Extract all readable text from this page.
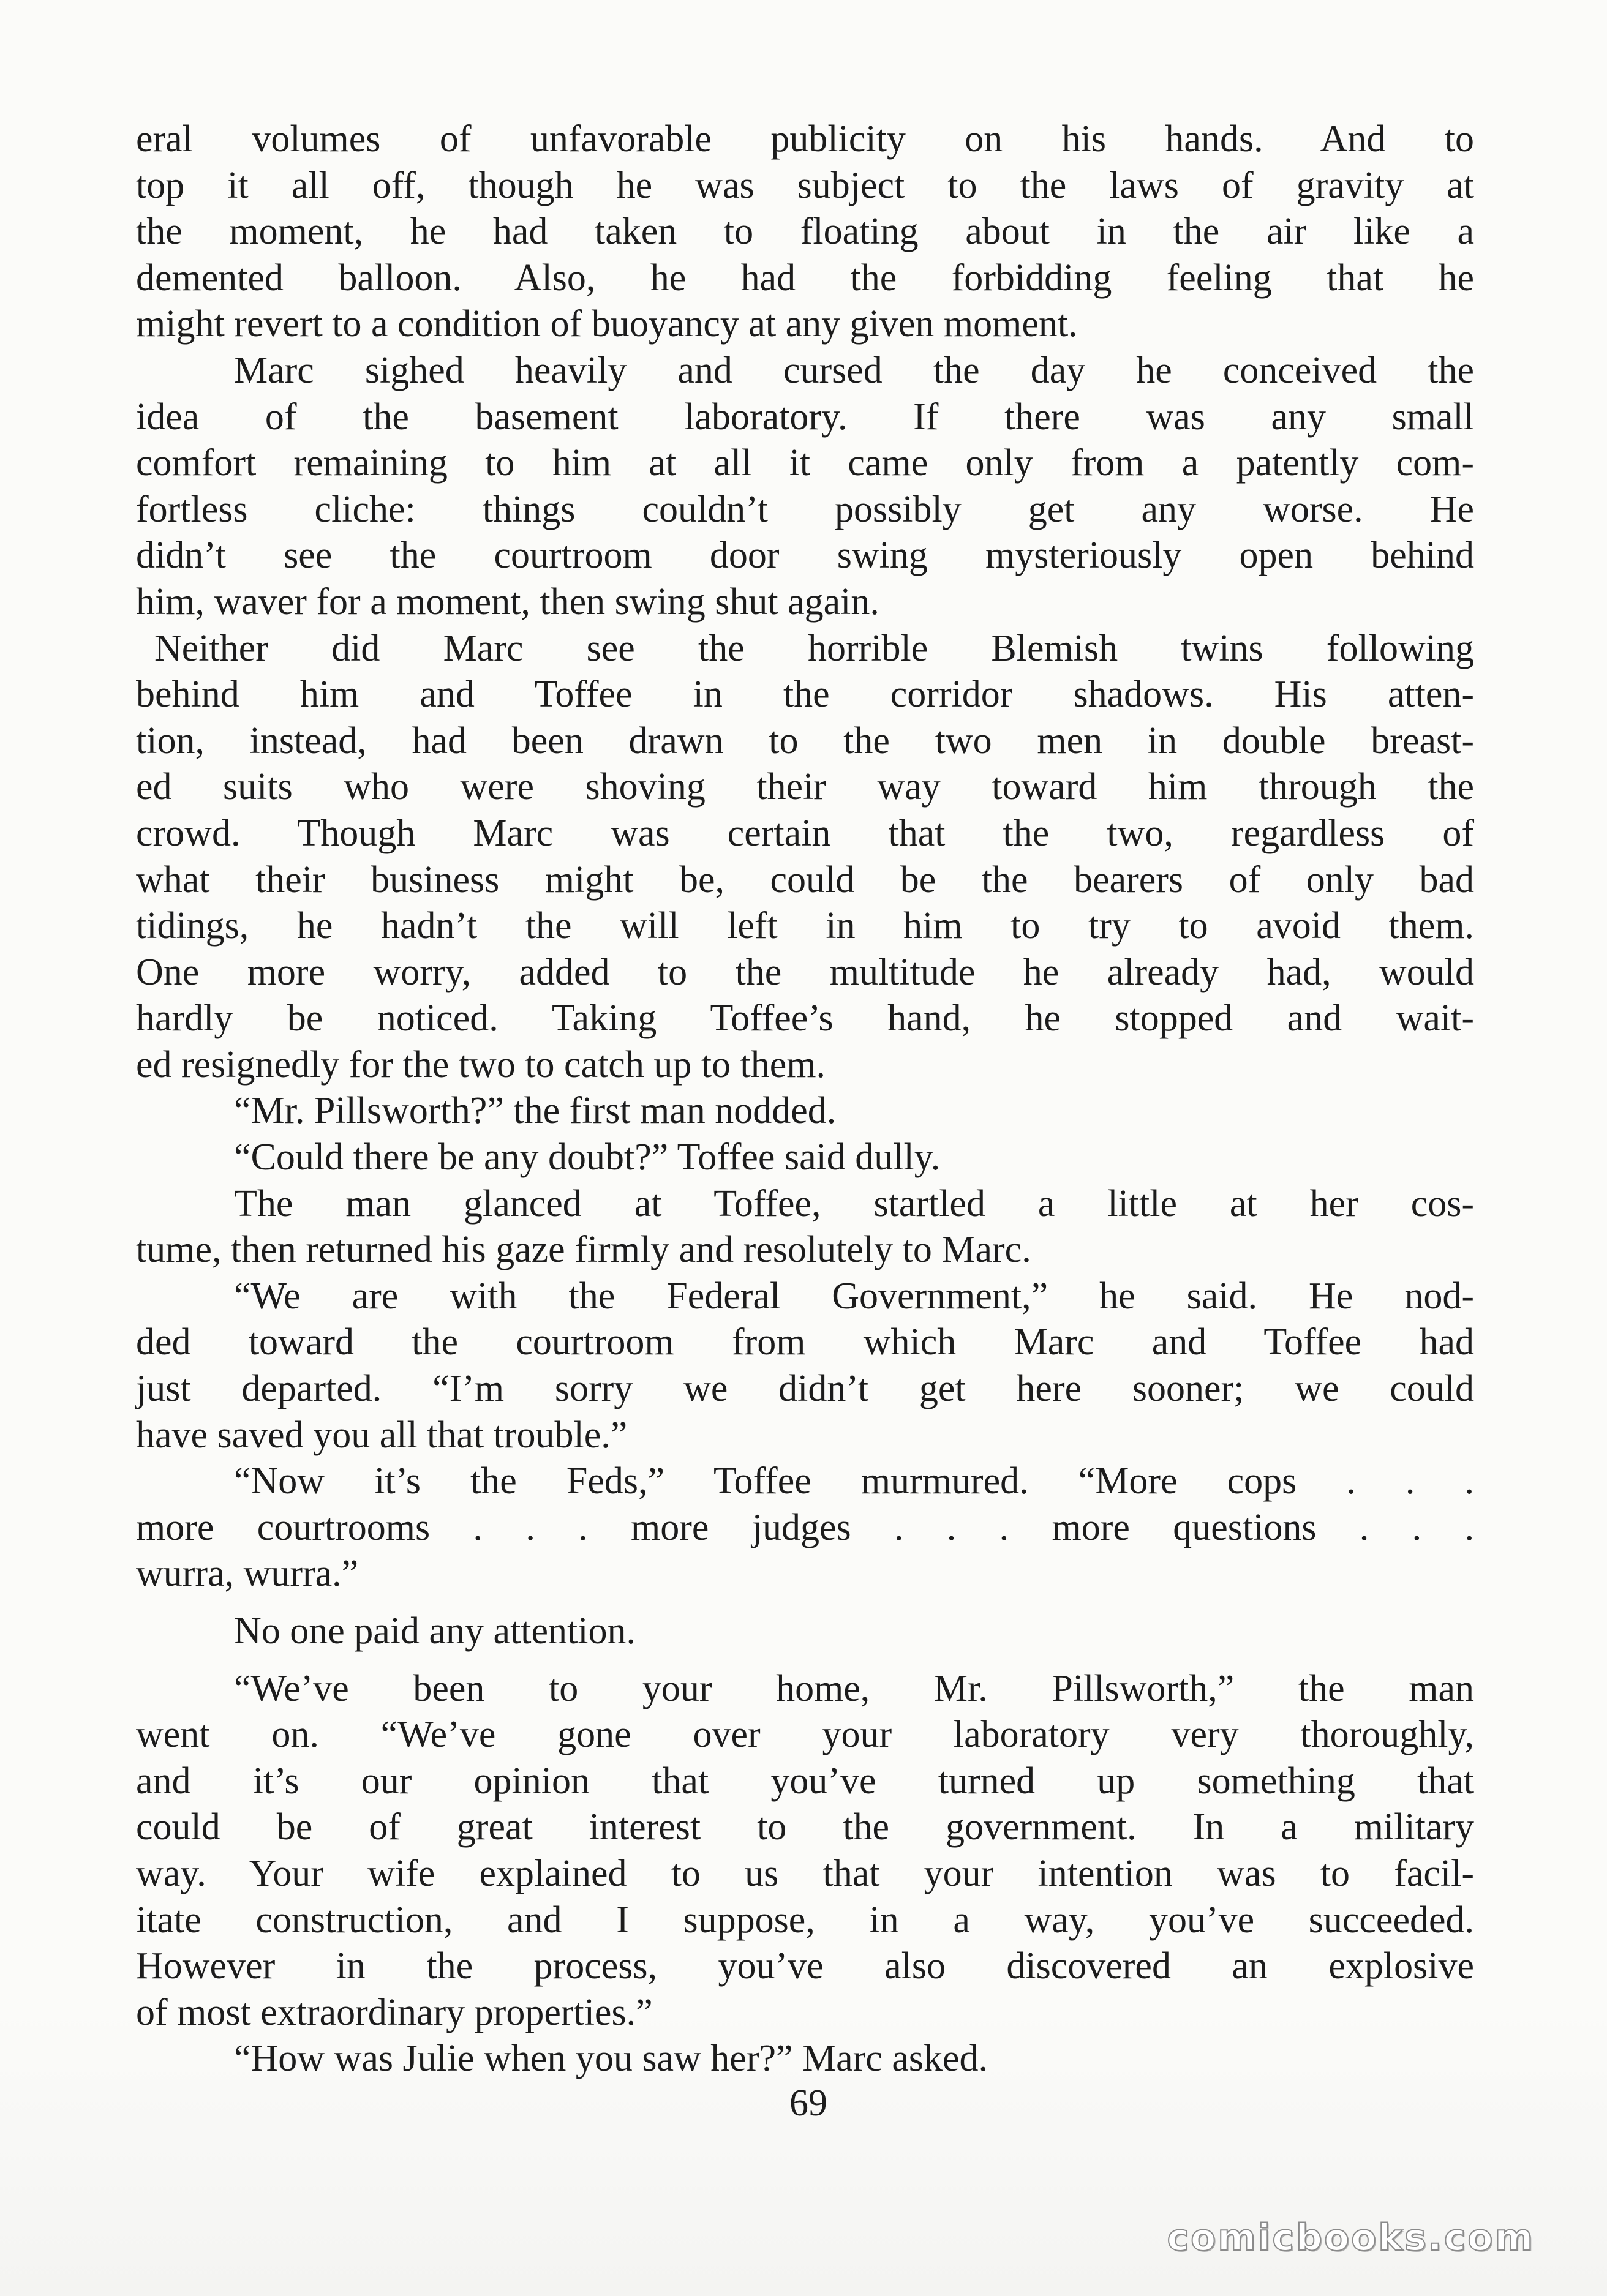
eral volumes of unfavorable publicity on his hands. And to
top it all off, though he was subject to the laws of gravity at
the moment, he had taken to floating about in the air like a
demented balloon. Also, he had the forbidding feeling that he
might revert to a condition of buoyancy at any given moment.

Marc sighed heavily and cursed the day he conceived the
idea of the basement laboratory. If there was any small
comfort remaining to him at all it came only from a patently com-
fortless cliche: things couldn’t possibly get any worse. He
didn’t see the courtroom door swing mysteriously open behind
him, waver for a moment, then swing shut again.

Neither did Marc see the horrible Blemish twins following
behind him and Toffee in the corridor shadows. His atten-
tion, instead, had been drawn to the two men in double breast-
ed suits who were shoving their way toward him through the
crowd. Though Marc was certain that the two, regardless of
what their business might be, could be the bearers of only bad
tidings, he hadn’t the will left in him to try to avoid them.
One more worry, added to the multitude he already had, would
hardly be noticed. Taking Toffee’s hand, he stopped and wait-
ed resignedly for the two to catch up to them.

“Mr. Pillsworth?” the first man nodded.

“Could there be any doubt?” Toffee said dully.

The man glanced at Toffee, startled a little at her cos-
tume, then returned his gaze firmly and resolutely to Marc.

“We are with the Federal Government,” he said. He nod-
ded toward the courtroom from which Marc and Toffee had
just departed. “I’m sorry we didn’t get here sooner; we could
have saved you all that trouble.”

“Now it’s the Feds,” Toffee murmured. “More cops . . .
more courtrooms . . . more judges . . . more questions . . .
wurra, wurra.”

No one paid any attention.

“We’ve been to your home, Mr. Pillsworth,” the man
went on. “We’ve gone over your laboratory very thoroughly,
and it’s our opinion that you’ve turned up something that
could be of great interest to the government. In a military
way. Your wife explained to us that your intention was to facil-
itate construction, and I suppose, in a way, you’ve succeeded.
However in the process, you’ve also discovered an explosive
of most extraordinary properties.”

“How was Julie when you saw her?” Marc asked.

69
comicbooks.com
